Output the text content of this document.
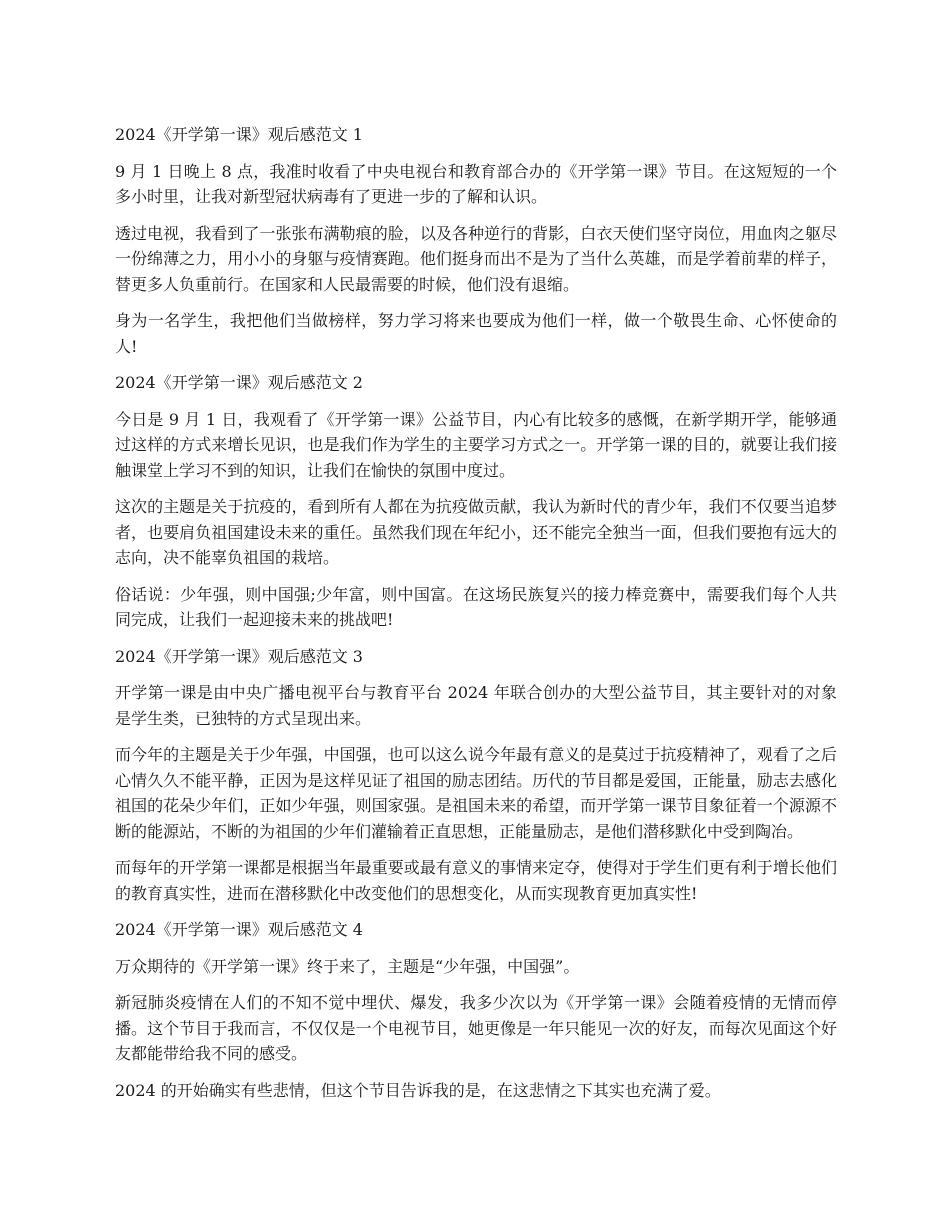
2024《开学第一课》观后感范文 1

9 月 1 日晚上 8 点，我准时收看了中央电视台和教育部合办的《开学第一课》节目。在这短短的一个多小时里，让我对新型冠状病毒有了更进一步的了解和认识。

透过电视，我看到了一张张布满勒痕的脸，以及各种逆行的背影，白衣天使们坚守岗位，用血肉之躯尽一份绵薄之力，用小小的身躯与疫情赛跑。他们挺身而出不是为了当什么英雄，而是学着前辈的样子，替更多人负重前行。在国家和人民最需要的时候，他们没有退缩。

身为一名学生，我把他们当做榜样，努力学习将来也要成为他们一样，做一个敬畏生命、心怀使命的人!

2024《开学第一课》观后感范文 2

今日是 9 月 1 日，我观看了《开学第一课》公益节目，内心有比较多的感慨，在新学期开学，能够通过这样的方式来增长见识，也是我们作为学生的主要学习方式之一。开学第一课的目的，就要让我们接触课堂上学习不到的知识，让我们在愉快的氛围中度过。

这次的主题是关于抗疫的，看到所有人都在为抗疫做贡献，我认为新时代的青少年，我们不仅要当追梦者，也要肩负祖国建设未来的重任。虽然我们现在年纪小，还不能完全独当一面，但我们要抱有远大的志向，决不能辜负祖国的栽培。

俗话说：少年强，则中国强;少年富，则中国富。在这场民族复兴的接力棒竞赛中，需要我们每个人共同完成，让我们一起迎接未来的挑战吧!

2024《开学第一课》观后感范文 3

开学第一课是由中央广播电视平台与教育平台 2024 年联合创办的大型公益节目，其主要针对的对象是学生类，已独特的方式呈现出来。

而今年的主题是关于少年强，中国强，也可以这么说今年最有意义的是莫过于抗疫精神了，观看了之后心情久久不能平静，正因为是这样见证了祖国的励志团结。历代的节目都是爱国，正能量，励志去感化祖国的花朵少年们，正如少年强，则国家强。是祖国未来的希望，而开学第一课节目象征着一个源源不断的能源站，不断的为祖国的少年们灌输着正直思想，正能量励志，是他们潜移默化中受到陶冶。

而每年的开学第一课都是根据当年最重要或最有意义的事情来定夺，使得对于学生们更有利于增长他们的教育真实性，进而在潜移默化中改变他们的思想变化，从而实现教育更加真实性!

2024《开学第一课》观后感范文 4

万众期待的《开学第一课》终于来了，主题是“少年强，中国强”。

新冠肺炎疫情在人们的不知不觉中埋伏、爆发，我多少次以为《开学第一课》会随着疫情的无情而停播。这个节目于我而言，不仅仅是一个电视节目，她更像是一年只能见一次的好友，而每次见面这个好友都能带给我不同的感受。

2024 的开始确实有些悲情，但这个节目告诉我的是，在这悲情之下其实也充满了爱。
